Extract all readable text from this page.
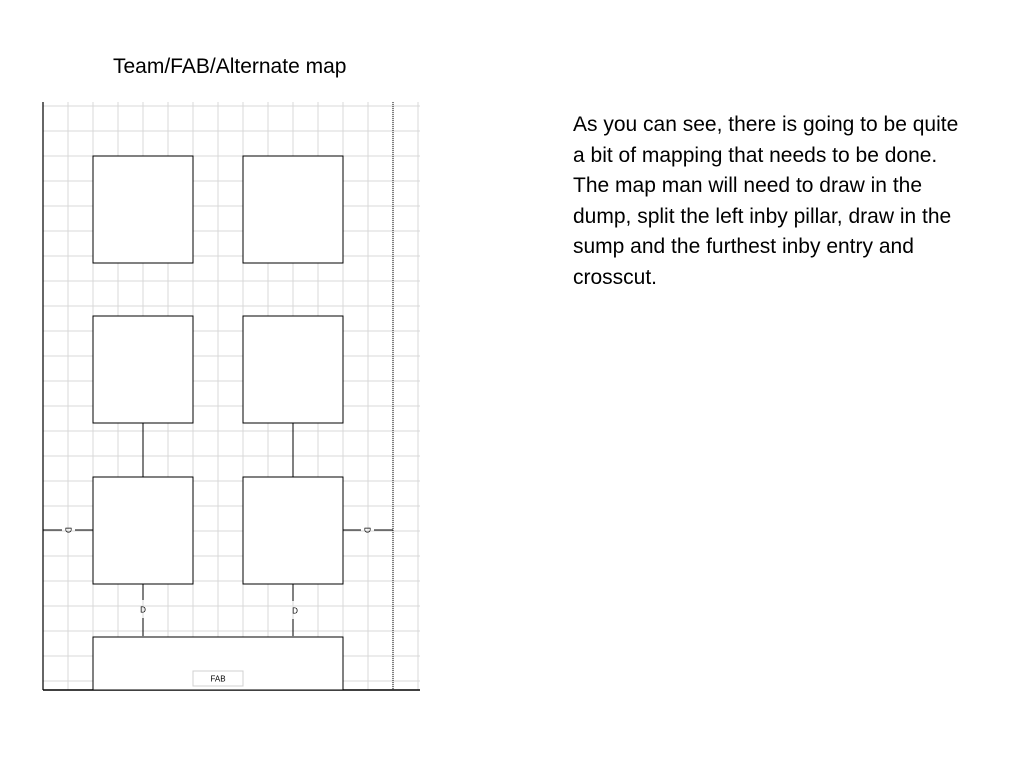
Team/FAB/Alternate map
As you can see, there is going to be quite a bit of mapping that needs to be done. The map man will need to draw in the dump, split the left inby pillar, draw in the sump and the furthest inby entry and crosscut.
D	D
D	D
FAB
